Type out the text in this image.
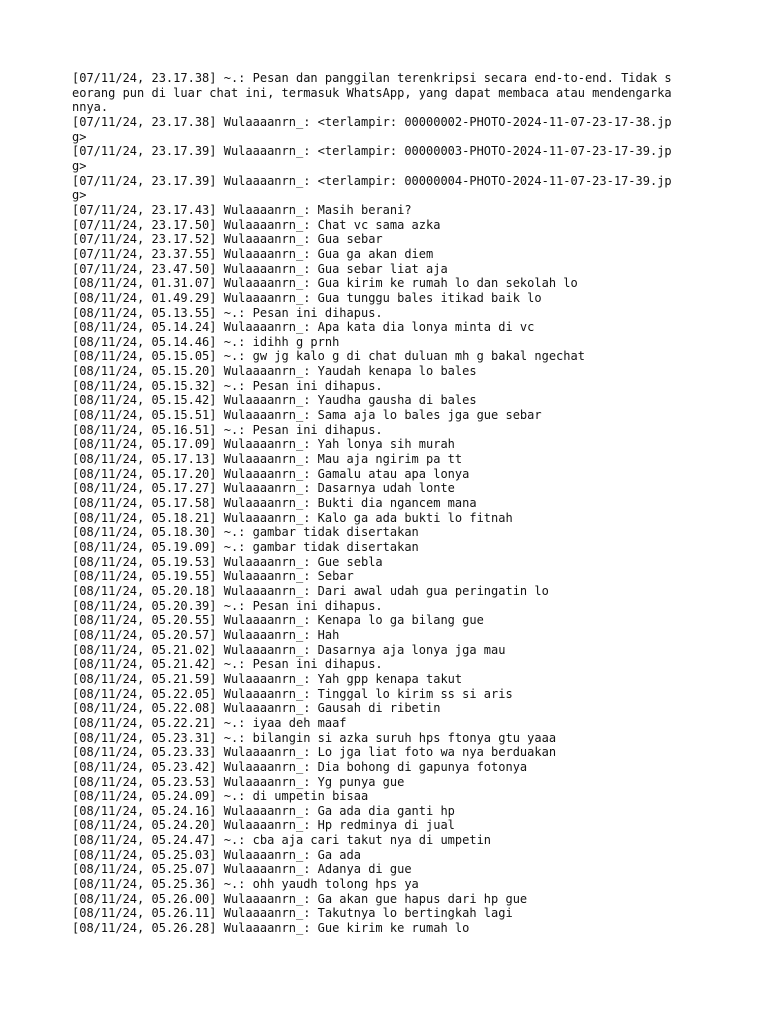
[07/11/24, 23.17.38] ~.: Pesan dan panggilan terenkripsi secara end-to-end. Tidak seorang pun di luar chat ini, termasuk WhatsApp, yang dapat membaca atau mendengarkannya.
[07/11/24, 23.17.38] Wulaaaanrn_: <terlampir: 00000002-PHOTO-2024-11-07-23-17-38.jpg>
[07/11/24, 23.17.39] Wulaaaanrn_: <terlampir: 00000003-PHOTO-2024-11-07-23-17-39.jpg>
[07/11/24, 23.17.39] Wulaaaanrn_: <terlampir: 00000004-PHOTO-2024-11-07-23-17-39.jpg>
[07/11/24, 23.17.43] Wulaaaanrn_: Masih berani?
[07/11/24, 23.17.50] Wulaaaanrn_: Chat vc sama azka
[07/11/24, 23.17.52] Wulaaaanrn_: Gua sebar
[07/11/24, 23.37.55] Wulaaaanrn_: Gua ga akan diem
[07/11/24, 23.47.50] Wulaaaanrn_: Gua sebar liat aja
[08/11/24, 01.31.07] Wulaaaanrn_: Gua kirim ke rumah lo dan sekolah lo
[08/11/24, 01.49.29] Wulaaaanrn_: Gua tunggu bales itikad baik lo
[08/11/24, 05.13.55] ~.: Pesan ini dihapus.
[08/11/24, 05.14.24] Wulaaaanrn_: Apa kata dia lonya minta di vc
[08/11/24, 05.14.46] ~.: idihh g prnh
[08/11/24, 05.15.05] ~.: gw jg kalo g di chat duluan mh g bakal ngechat
[08/11/24, 05.15.20] Wulaaaanrn_: Yaudah kenapa lo bales
[08/11/24, 05.15.32] ~.: Pesan ini dihapus.
[08/11/24, 05.15.42] Wulaaaanrn_: Yaudha gausha di bales
[08/11/24, 05.15.51] Wulaaaanrn_: Sama aja lo bales jga gue sebar
[08/11/24, 05.16.51] ~.: Pesan ini dihapus.
[08/11/24, 05.17.09] Wulaaaanrn_: Yah lonya sih murah
[08/11/24, 05.17.13] Wulaaaanrn_: Mau aja ngirim pa tt
[08/11/24, 05.17.20] Wulaaaanrn_: Gamalu atau apa lonya
[08/11/24, 05.17.27] Wulaaaanrn_: Dasarnya udah lonte
[08/11/24, 05.17.58] Wulaaaanrn_: Bukti dia ngancem mana
[08/11/24, 05.18.21] Wulaaaanrn_: Kalo ga ada bukti lo fitnah
[08/11/24, 05.18.30] ~.: gambar tidak disertakan
[08/11/24, 05.19.09] ~.: gambar tidak disertakan
[08/11/24, 05.19.53] Wulaaaanrn_: Gue sebla
[08/11/24, 05.19.55] Wulaaaanrn_: Sebar
[08/11/24, 05.20.18] Wulaaaanrn_: Dari awal udah gua peringatin lo
[08/11/24, 05.20.39] ~.: Pesan ini dihapus.
[08/11/24, 05.20.55] Wulaaaanrn_: Kenapa lo ga bilang gue
[08/11/24, 05.20.57] Wulaaaanrn_: Hah
[08/11/24, 05.21.02] Wulaaaanrn_: Dasarnya aja lonya jga mau
[08/11/24, 05.21.42] ~.: Pesan ini dihapus.
[08/11/24, 05.21.59] Wulaaaanrn_: Yah gpp kenapa takut
[08/11/24, 05.22.05] Wulaaaanrn_: Tinggal lo kirim ss si aris
[08/11/24, 05.22.08] Wulaaaanrn_: Gausah di ribetin
[08/11/24, 05.22.21] ~.: iyaa deh maaf
[08/11/24, 05.23.31] ~.: bilangin si azka suruh hps ftonya gtu yaaa
[08/11/24, 05.23.33] Wulaaaanrn_: Lo jga liat foto wa nya berduakan
[08/11/24, 05.23.42] Wulaaaanrn_: Dia bohong di gapunya fotonya
[08/11/24, 05.23.53] Wulaaaanrn_: Yg punya gue
[08/11/24, 05.24.09] ~.: di umpetin bisaa
[08/11/24, 05.24.16] Wulaaaanrn_: Ga ada dia ganti hp
[08/11/24, 05.24.20] Wulaaaanrn_: Hp redminya di jual
[08/11/24, 05.24.47] ~.: cba aja cari takut nya di umpetin
[08/11/24, 05.25.03] Wulaaaanrn_: Ga ada
[08/11/24, 05.25.07] Wulaaaanrn_: Adanya di gue
[08/11/24, 05.25.36] ~.: ohh yaudh tolong hps ya
[08/11/24, 05.26.00] Wulaaaanrn_: Ga akan gue hapus dari hp gue
[08/11/24, 05.26.11] Wulaaaanrn_: Takutnya lo bertingkah lagi
[08/11/24, 05.26.28] Wulaaaanrn_: Gue kirim ke rumah lo
